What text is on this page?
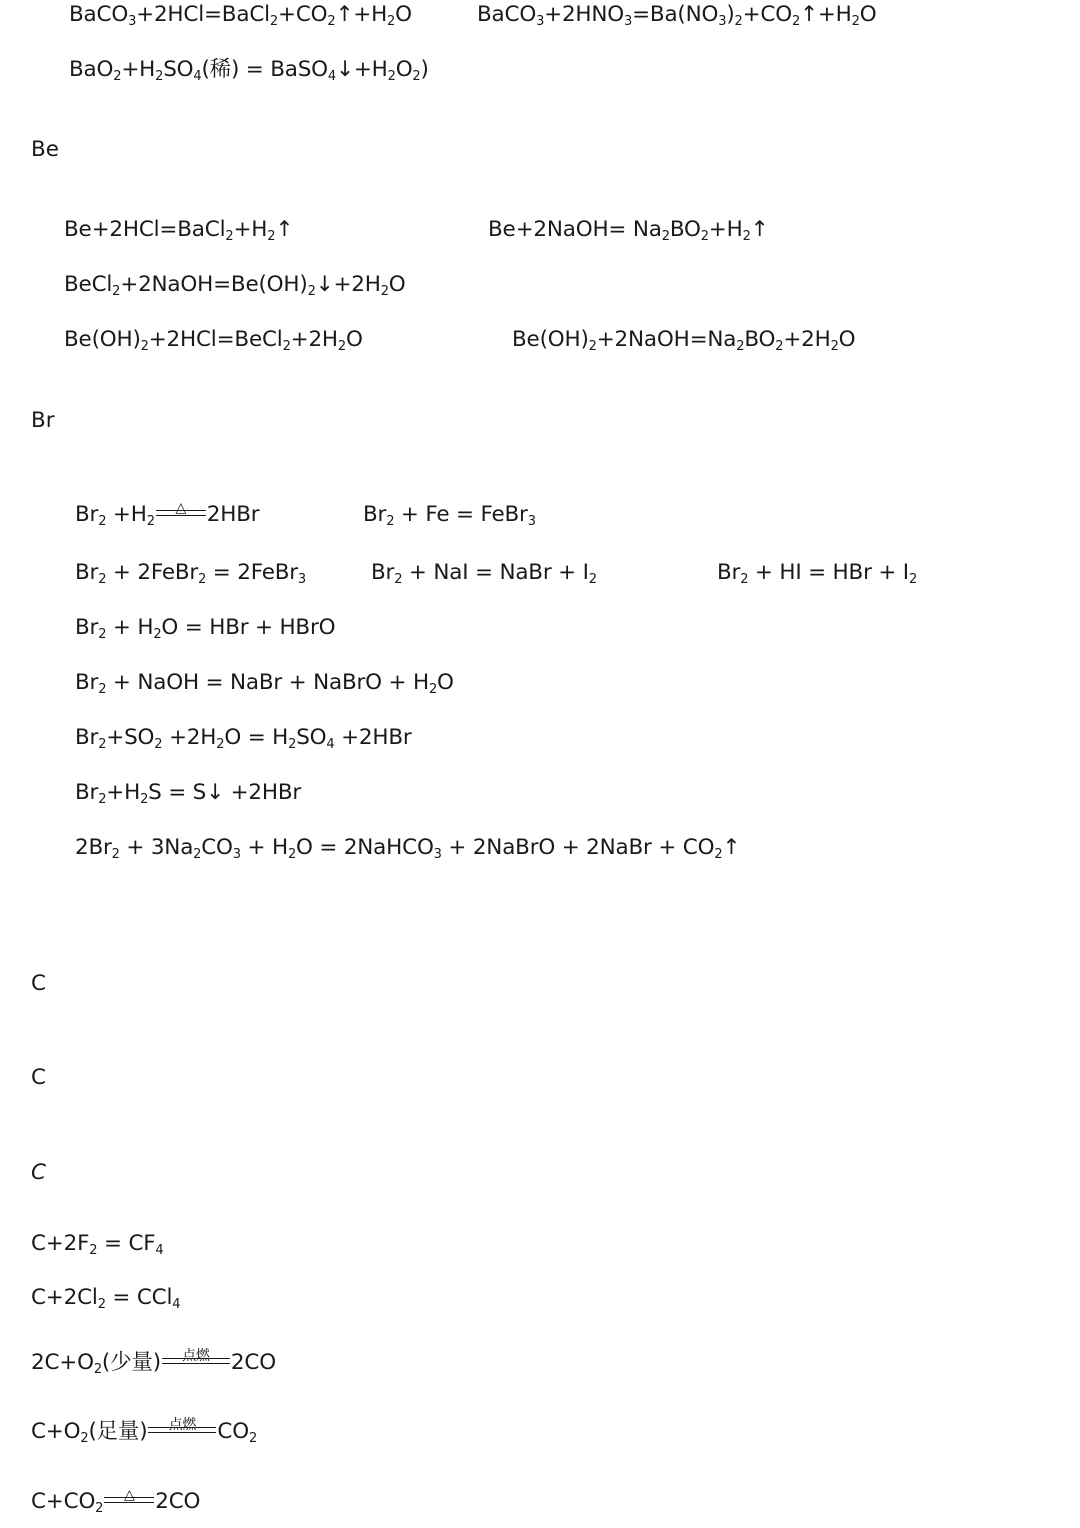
$BaCO_3+2HCl=BaCl_2+CO_2↑+H_2O$	$BaCO_3+2HNO_3=Ba(NO_3)_2+CO_2↑+H_2O$
$BaO_2+H_2SO_4$(稀) = $BaSO_4↓+H_2O_2$)
Be
$Be+2HCl=BaCl_2+H_2↑$	Be+2NaOH= $Na_2BO_2+H_2↑$
$BeCl_2+2NaOH=Be(OH)_2↓+2H_2O$
$Be(OH)_2+2HCl=BeCl_2+2H_2O$	$Be(OH)_2+2NaOH=Na_2BO_2+2H_2O$
Br
$Br_2 +H_2$
△ 2HBr	$Br_2 + Fe$ = FeBr$_3$
$Br_2$ + 2FeBr$_2$ = 2FeBr$_3$	$Br_2$ + NaI = NaBr + $I_2$	$Br_2$ + HI = HBr + $I_2$
$Br_2 + H_2O$ = HBr + HBrO
$Br_2$ + NaOH = NaBr + NaBrO + $H_2O$
$Br_2+SO_2 +2H_2O = H_2SO_4 +2HBr$
$Br_2+H_2S$ = S↓ +2HBr
$2Br_2 + 3Na_2CO_3 + H_2O$ = 2NaHCO$_3$ + 2NaBrO + 2NaBr + $CO_2↑$
C
C
C
$C+2F_2 = CF_4$
$C+2Cl_2 = CCl_4$
$2C+O_2$(少量)	点燃 2CO
$C+O_2$(足量)	点燃 $CO_2$
$C+CO_2$
△ 2CO
